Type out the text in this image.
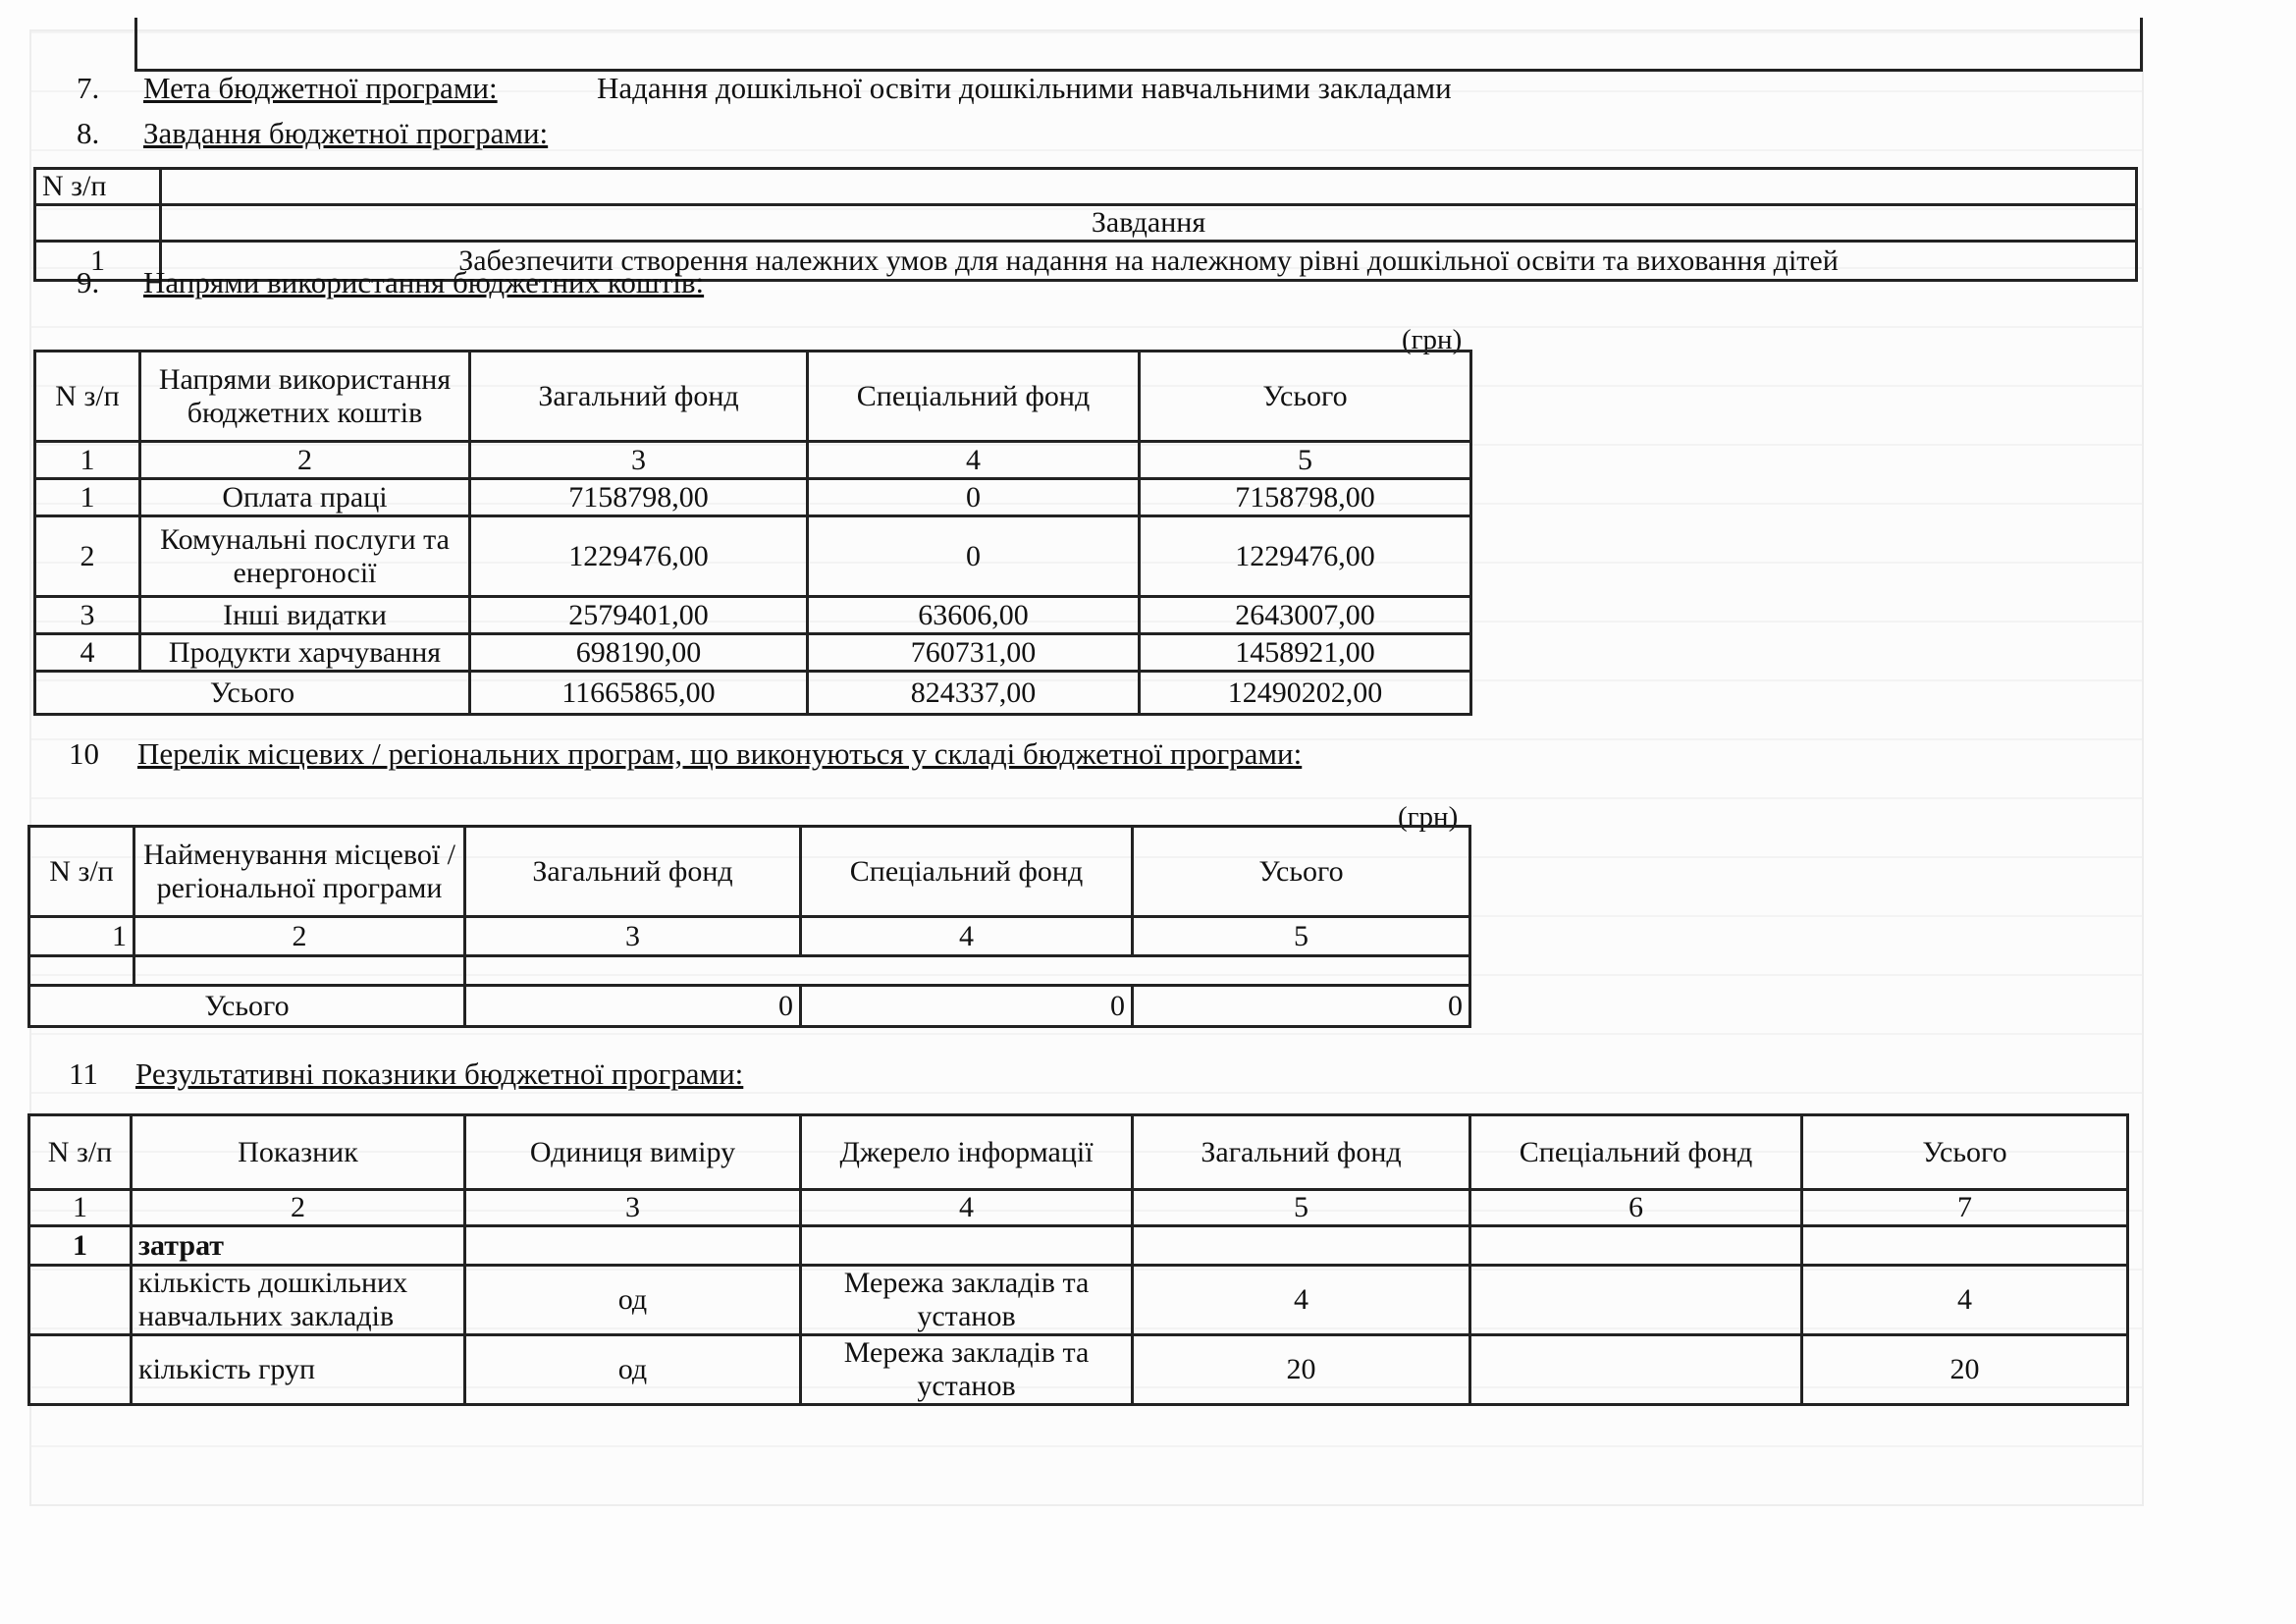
7. Мета бюджетної програми:	Надання дошкільної освіти дошкільними навчальними закладами
8. Завдання бюджетної програми:
N з/п	
	Завдання
1	Забезпечити створення належних умов для надання на належному рівні дошкільної освіти та виховання дітей
9. Напрями використання бюджетних коштів:
(грн)
N з/п	Напрями використання бюджетних коштів	Загальний фонд	Спеціальний фонд	Усього
1	2	3	4	5
1	Оплата праці	7158798,00	0	7158798,00
2	Комунальні послуги та енергоносії	1229476,00	0	1229476,00
3	Інші видатки	2579401,00	63606,00	2643007,00
4	Продукти харчування	698190,00	760731,00	1458921,00
Усього		11665865,00	824337,00	12490202,00
10 Перелік місцевих / регіональних програм, що виконуються у складі бюджетної програми:
(грн)
N з/п	Найменування місцевої / регіональної програми	Загальний фонд	Спеціальний фонд	Усього
1	2	3	4	5

Усього		0	0	0
11 Результативні показники бюджетної програми:
N з/п	Показник	Одиниця виміру	Джерело інформації	Загальний фонд	Спеціальний фонд	Усього
1	2	3	4	5	6	7
1	затрат					
	кількість дошкільних навчальних закладів	од	Мережа закладів та установ	4		4
	кількість груп	од	Мережа закладів та установ	20		20
